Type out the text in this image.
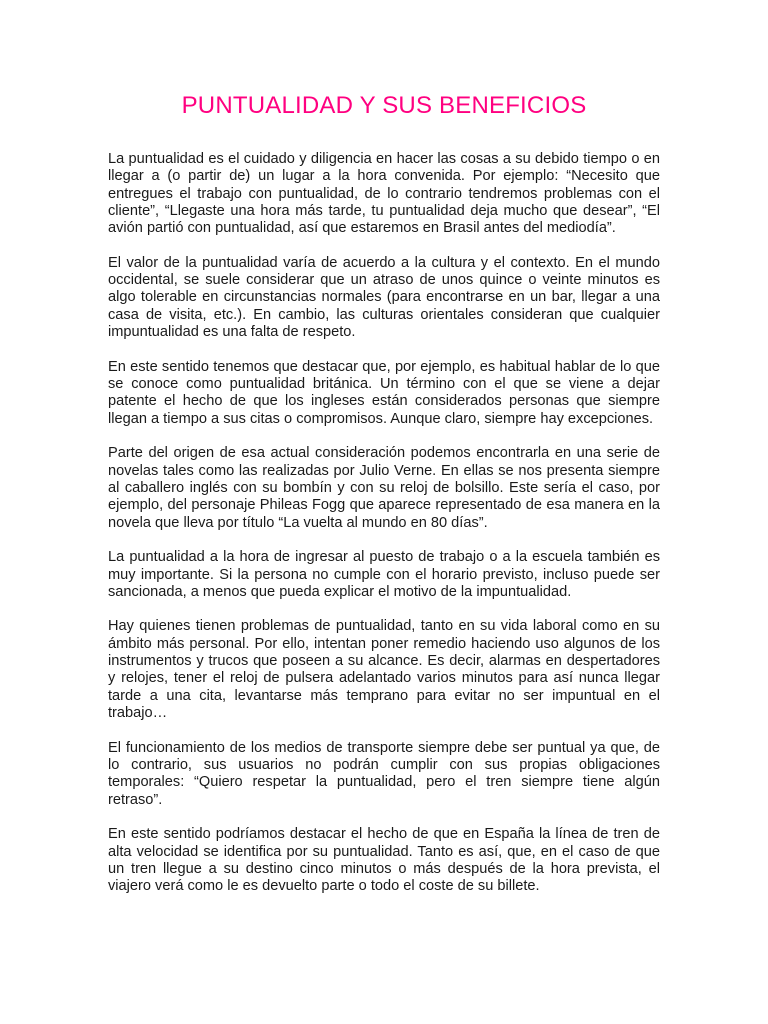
PUNTUALIDAD Y SUS BENEFICIOS

La puntualidad es el cuidado y diligencia en hacer las cosas a su debido tiempo o en llegar a (o partir de) un lugar a la hora convenida. Por ejemplo: “Necesito que entregues el trabajo con puntualidad, de lo contrario tendremos problemas con el cliente”, “Llegaste una hora más tarde, tu puntualidad deja mucho que desear”, “El avión partió con puntualidad, así que estaremos en Brasil antes del mediodía”.

El valor de la puntualidad varía de acuerdo a la cultura y el contexto. En el mundo occidental, se suele considerar que un atraso de unos quince o veinte minutos es algo tolerable en circunstancias normales (para encontrarse en un bar, llegar a una casa de visita, etc.). En cambio, las culturas orientales consideran que cualquier impuntualidad es una falta de respeto.

En este sentido tenemos que destacar que, por ejemplo, es habitual hablar de lo que se conoce como puntualidad británica. Un término con el que se viene a dejar patente el hecho de que los ingleses están considerados personas que siempre llegan a tiempo a sus citas o compromisos. Aunque claro, siempre hay excepciones.

Parte del origen de esa actual consideración podemos encontrarla en una serie de novelas tales como las realizadas por Julio Verne. En ellas se nos presenta siempre al caballero inglés con su bombín y con su reloj de bolsillo. Este sería el caso, por ejemplo, del personaje Phileas Fogg que aparece representado de esa manera en la novela que lleva por título “La vuelta al mundo en 80 días”.

La puntualidad a la hora de ingresar al puesto de trabajo o a la escuela también es muy importante. Si la persona no cumple con el horario previsto, incluso puede ser sancionada, a menos que pueda explicar el motivo de la impuntualidad.

Hay quienes tienen problemas de puntualidad, tanto en su vida laboral como en su ámbito más personal. Por ello, intentan poner remedio haciendo uso algunos de los instrumentos y trucos que poseen a su alcance. Es decir, alarmas en despertadores y relojes, tener el reloj de pulsera adelantado varios minutos para así nunca llegar tarde a una cita, levantarse más temprano para evitar no ser impuntual en el trabajo…

El funcionamiento de los medios de transporte siempre debe ser puntual ya que, de lo contrario, sus usuarios no podrán cumplir con sus propias obligaciones temporales: “Quiero respetar la puntualidad, pero el tren siempre tiene algún retraso”.

En este sentido podríamos destacar el hecho de que en España la línea de tren de alta velocidad se identifica por su puntualidad. Tanto es así, que, en el caso de que un tren llegue a su destino cinco minutos o más después de la hora prevista, el viajero verá como le es devuelto parte o todo el coste de su billete.
